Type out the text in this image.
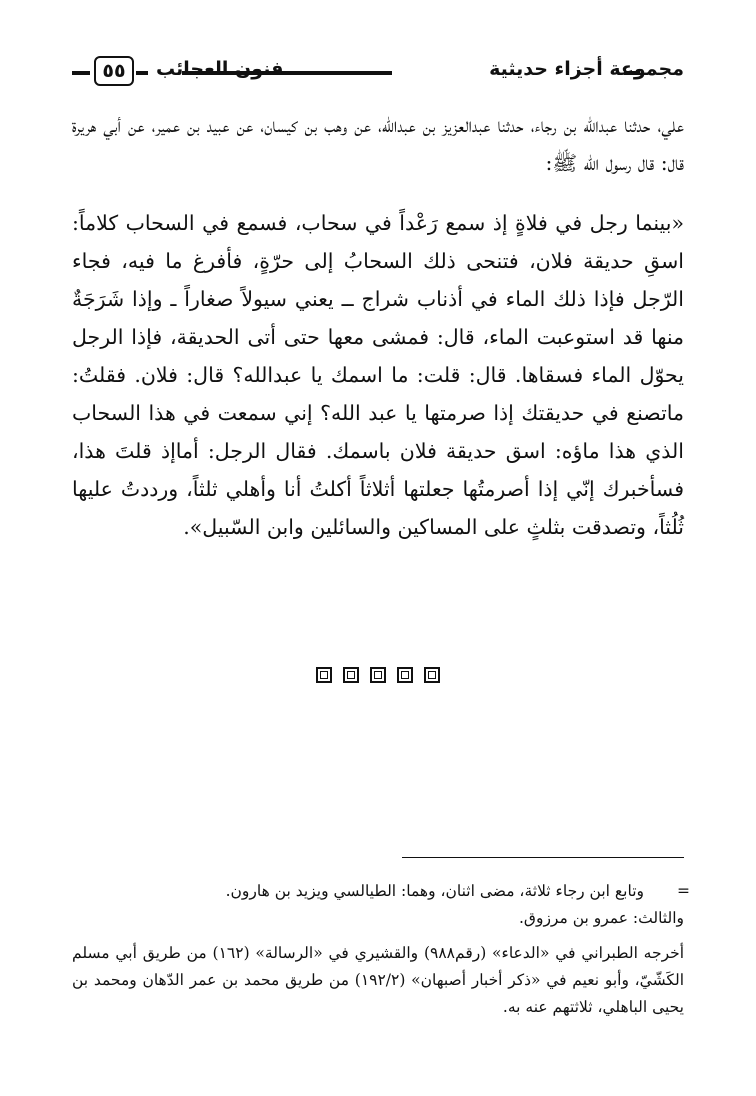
مجموعة أجزاء حديثية
فنون العجائب
٥٥

علي، حدثنا عبدالله بن رجاء، حدثنا عبدالعزيز بن عبدالله، عن وهب بن كيسان، عن عبيد بن عمير، عن أبي هريرة قال: قال رسول الله ﷺ:

«بينما رجل في فلاةٍ إذ سمع رَعْداً في سحاب، فسمع في السحاب كلاماً: اسقِ حديقة فلان، فتنحى ذلك السحابُ إلى حرّةٍ، فأفرغ ما فيه، فجاء الرّجل فإذا ذلك الماء في أذناب شراج ــ يعني سيولاً صغاراً ـ وإذا شَرَجَةٌ منها قد استوعبت الماء، قال: فمشى معها حتى أتى الحديقة، فإذا الرجل يحوّل الماء فسقاها. قال: قلت: ما اسمك يا عبدالله؟ قال: فلان. فقلتُ: ماتصنع في حديقتك إذا صرمتها يا عبد الله؟ إني سمعت في هذا السحاب الذي هذا ماؤه: اسق حديقة فلان باسمك. فقال الرجل: أماإذ قلتَ هذا، فسأخبرك إنّي إذا أصرمتُها جعلتها أثلاثاً أكلتُ أنا وأهلي ثلثاً، ورددتُ عليها ثُلُثاً، وتصدقت بثلثٍ على المساكين والسائلين وابن السّبيل».

=
وتابع ابن رجاء ثلاثة، مضى اثنان، وهما: الطيالسي ويزيد بن هارون.

والثالث: عمرو بن مرزوق.

أخرجه الطبراني في «الدعاء» (رقم٩٨٨) والقشيري في «الرسالة» (١٦٢) من طريق أبي مسلم الكَشّيّ، وأبو نعيم في «ذكر أخبار أصبهان» (١٩٢/٢) من طريق محمد بن عمر الدّهان ومحمد بن يحيى الباهلي، ثلاثتهم عنه به.
